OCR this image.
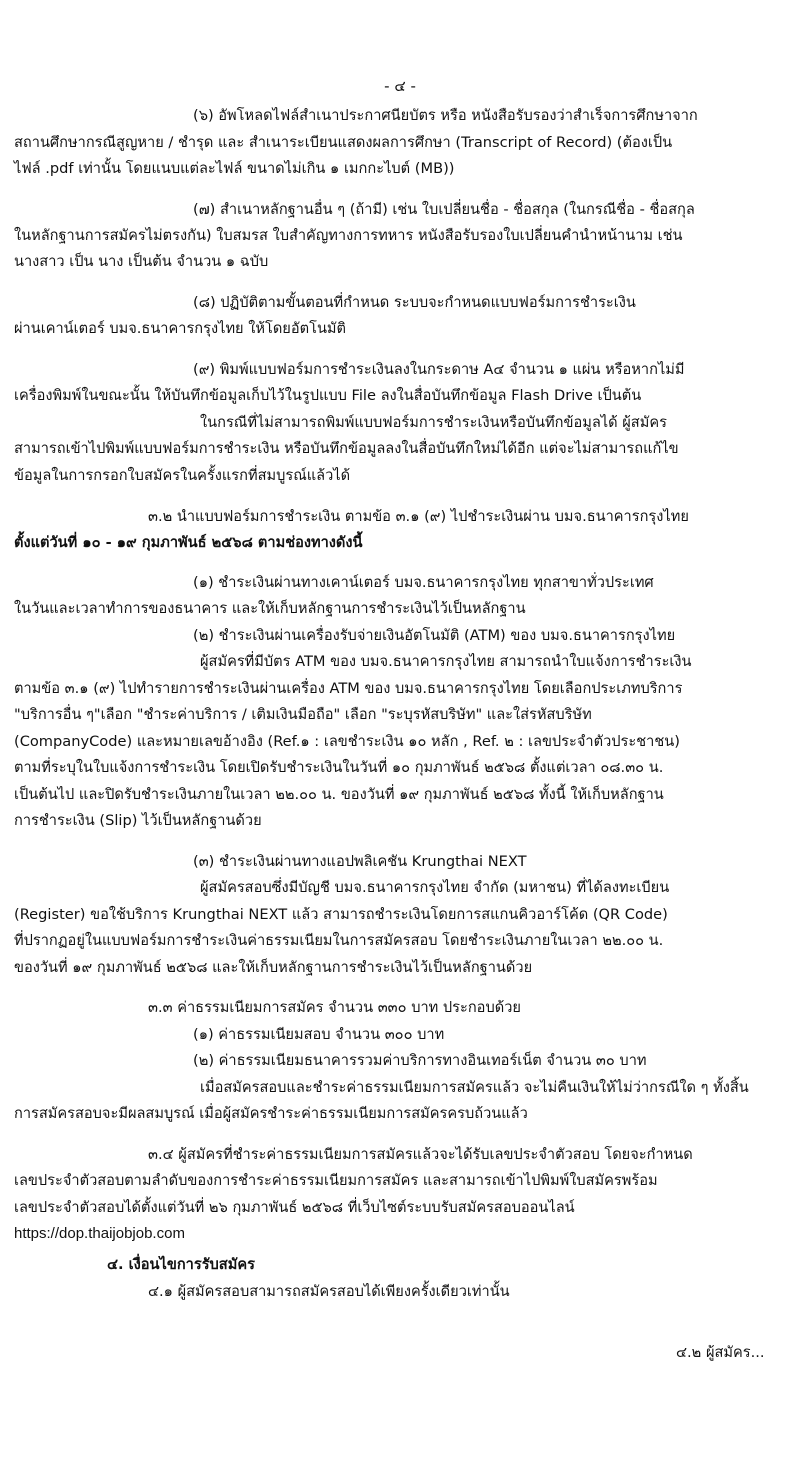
- ๔ -
(๖) อัพโหลดไฟล์สำเนาประกาศนียบัตร หรือ หนังสือรับรองว่าสำเร็จการศึกษาจาก
สถานศึกษากรณีสูญหาย / ชำรุด และ สำเนาระเบียนแสดงผลการศึกษา (Transcript of Record) (ต้องเป็น
ไฟล์ .pdf เท่านั้น โดยแนบแต่ละไฟล์ ขนาดไม่เกิน ๑ เมกกะไบต์ (MB))
(๗) สำเนาหลักฐานอื่น ๆ (ถ้ามี) เช่น ใบเปลี่ยนชื่อ - ชื่อสกุล (ในกรณีชื่อ - ชื่อสกุล
ในหลักฐานการสมัครไม่ตรงกัน) ใบสมรส ใบสำคัญทางการทหาร หนังสือรับรองใบเปลี่ยนคำนำหน้านาม เช่น
นางสาว เป็น นาง เป็นต้น จำนวน ๑ ฉบับ
(๘) ปฏิบัติตามขั้นตอนที่กำหนด ระบบจะกำหนดแบบฟอร์มการชำระเงิน
ผ่านเคาน์เตอร์ บมจ.ธนาคารกรุงไทย ให้โดยอัตโนมัติ
(๙) พิมพ์แบบฟอร์มการชำระเงินลงในกระดาษ A๔ จำนวน ๑ แผ่น หรือหากไม่มี
เครื่องพิมพ์ในขณะนั้น ให้บันทึกข้อมูลเก็บไว้ในรูปแบบ File ลงในสื่อบันทึกข้อมูล Flash Drive เป็นต้น
ในกรณีที่ไม่สามารถพิมพ์แบบฟอร์มการชำระเงินหรือบันทึกข้อมูลได้ ผู้สมัคร
สามารถเข้าไปพิมพ์แบบฟอร์มการชำระเงิน หรือบันทึกข้อมูลลงในสื่อบันทึกใหม่ได้อีก แต่จะไม่สามารถแก้ไข
ข้อมูลในการกรอกใบสมัครในครั้งแรกที่สมบูรณ์แล้วได้
๓.๒ นำแบบฟอร์มการชำระเงิน ตามข้อ ๓.๑ (๙) ไปชำระเงินผ่าน บมจ.ธนาคารกรุงไทย
ตั้งแต่วันที่ ๑๐ - ๑๙ กุมภาพันธ์ ๒๕๖๘ ตามช่องทางดังนี้
(๑) ชำระเงินผ่านทางเคาน์เตอร์ บมจ.ธนาคารกรุงไทย ทุกสาขาทั่วประเทศ
ในวันและเวลาทำการของธนาคาร และให้เก็บหลักฐานการชำระเงินไว้เป็นหลักฐาน
(๒) ชำระเงินผ่านเครื่องรับจ่ายเงินอัตโนมัติ (ATM) ของ บมจ.ธนาคารกรุงไทย
ผู้สมัครที่มีบัตร ATM ของ บมจ.ธนาคารกรุงไทย สามารถนำใบแจ้งการชำระเงิน
ตามข้อ ๓.๑ (๙) ไปทำรายการชำระเงินผ่านเครื่อง ATM ของ บมจ.ธนาคารกรุงไทย โดยเลือกประเภทบริการ
"บริการอื่น ๆ"เลือก "ชำระค่าบริการ / เติมเงินมือถือ" เลือก "ระบุรหัสบริษัท" และใส่รหัสบริษัท
(CompanyCode) และหมายเลขอ้างอิง (Ref.๑ : เลขชำระเงิน ๑๐ หลัก , Ref. ๒ : เลขประจำตัวประชาชน)
ตามที่ระบุในใบแจ้งการชำระเงิน โดยเปิดรับชำระเงินในวันที่ ๑๐ กุมภาพันธ์ ๒๕๖๘ ตั้งแต่เวลา ๐๘.๓๐ น.
เป็นต้นไป และปิดรับชำระเงินภายในเวลา ๒๒.๐๐ น. ของวันที่ ๑๙ กุมภาพันธ์ ๒๕๖๘ ทั้งนี้ ให้เก็บหลักฐาน
การชำระเงิน (Slip) ไว้เป็นหลักฐานด้วย
(๓) ชำระเงินผ่านทางแอปพลิเคชัน Krungthai NEXT
ผู้สมัครสอบซึ่งมีบัญชี บมจ.ธนาคารกรุงไทย จำกัด (มหาชน) ที่ได้ลงทะเบียน
(Register) ขอใช้บริการ Krungthai NEXT แล้ว สามารถชำระเงินโดยการสแกนคิวอาร์โค้ด (QR Code)
ที่ปรากฏอยู่ในแบบฟอร์มการชำระเงินค่าธรรมเนียมในการสมัครสอบ โดยชำระเงินภายในเวลา ๒๒.๐๐ น.
ของวันที่ ๑๙ กุมภาพันธ์ ๒๕๖๘ และให้เก็บหลักฐานการชำระเงินไว้เป็นหลักฐานด้วย
๓.๓ ค่าธรรมเนียมการสมัคร จำนวน ๓๓๐ บาท ประกอบด้วย
(๑) ค่าธรรมเนียมสอบ จำนวน ๓๐๐ บาท
(๒) ค่าธรรมเนียมธนาคารรวมค่าบริการทางอินเทอร์เน็ต จำนวน ๓๐ บาท
เมื่อสมัครสอบและชำระค่าธรรมเนียมการสมัครแล้ว จะไม่คืนเงินให้ไม่ว่ากรณีใด ๆ ทั้งสิ้น
การสมัครสอบจะมีผลสมบูรณ์ เมื่อผู้สมัครชำระค่าธรรมเนียมการสมัครครบถ้วนแล้ว
๓.๔ ผู้สมัครที่ชำระค่าธรรมเนียมการสมัครแล้วจะได้รับเลขประจำตัวสอบ โดยจะกำหนด
เลขประจำตัวสอบตามลำดับของการชำระค่าธรรมเนียมการสมัคร และสามารถเข้าไปพิมพ์ใบสมัครพร้อม
เลขประจำตัวสอบได้ตั้งแต่วันที่ ๒๖ กุมภาพันธ์ ๒๕๖๘ ที่เว็บไซต์ระบบรับสมัครสอบออนไลน์
https://dop.thaijobjob.com
๔. เงื่อนไขการรับสมัคร
๔.๑ ผู้สมัครสอบสามารถสมัครสอบได้เพียงครั้งเดียวเท่านั้น
๔.๒ ผู้สมัคร...
